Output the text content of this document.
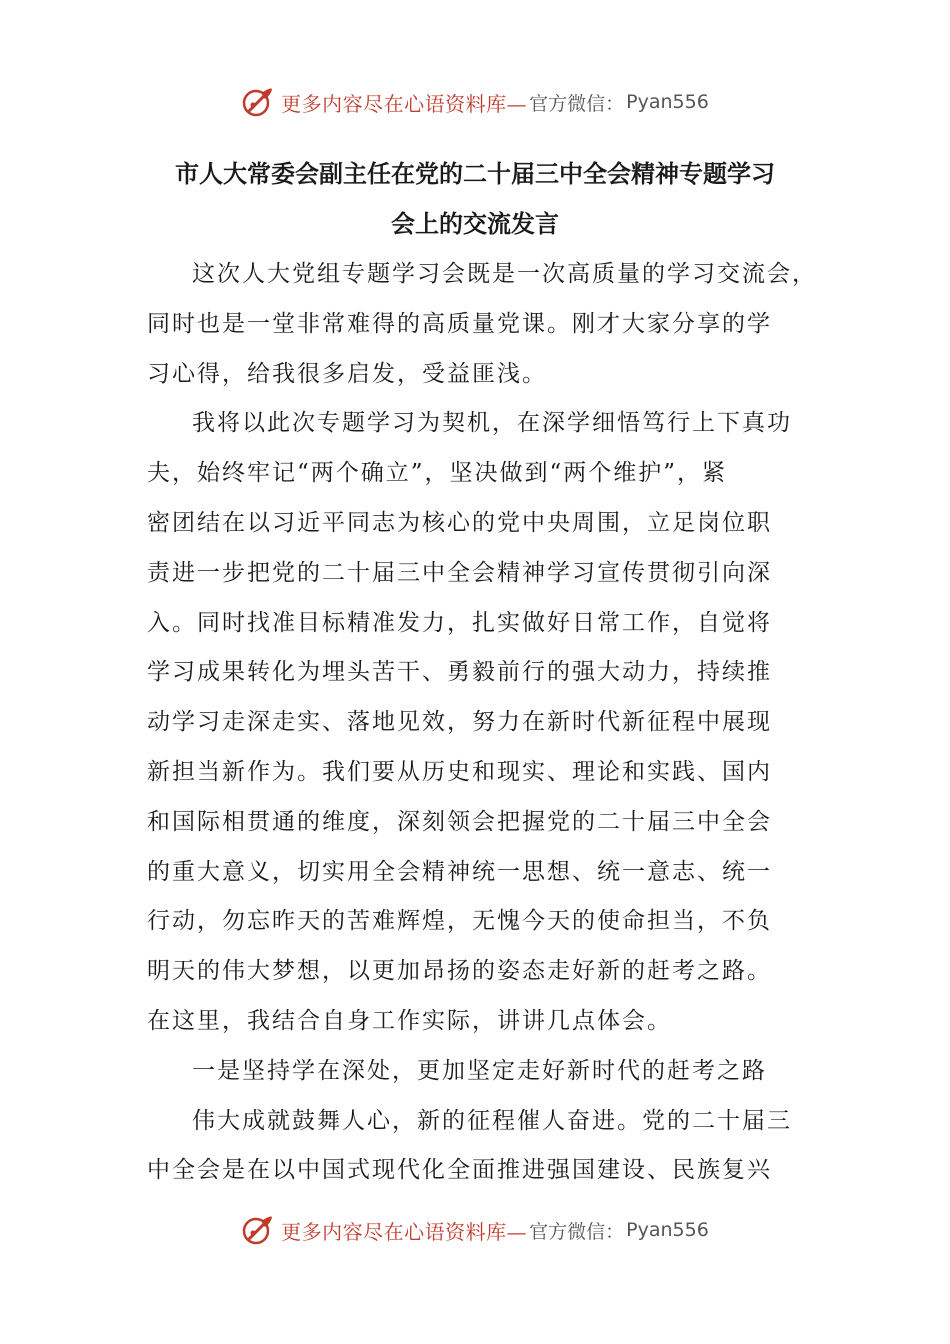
更多内容尽在心语资料库— 官方微信： Pyan556
市人大常委会副主任在党的二十届三中全会精神专题学习
会上的交流发言
这次人大党组专题学习会既是一次高质量的学习交流会，
同时也是一堂非常难得的高质量党课。刚才大家分享的学
习心得，给我很多启发，受益匪浅。
我将以此次专题学习为契机，在深学细悟笃行上下真功
夫，始终牢记“两个确立”，坚决做到“两个维护”，紧
密团结在以习近平同志为核心的党中央周围，立足岗位职
责进一步把党的二十届三中全会精神学习宣传贯彻引向深
入。同时找准目标精准发力，扎实做好日常工作，自觉将
学习成果转化为埋头苦干、勇毅前行的强大动力，持续推
动学习走深走实、落地见效，努力在新时代新征程中展现
新担当新作为。我们要从历史和现实、理论和实践、国内
和国际相贯通的维度，深刻领会把握党的二十届三中全会
的重大意义，切实用全会精神统一思想、统一意志、统一
行动，勿忘昨天的苦难辉煌，无愧今天的使命担当，不负
明天的伟大梦想，以更加昂扬的姿态走好新的赶考之路。
在这里，我结合自身工作实际，讲讲几点体会。
一是坚持学在深处，更加坚定走好新时代的赶考之路
伟大成就鼓舞人心，新的征程催人奋进。党的二十届三
中全会是在以中国式现代化全面推进强国建设、民族复兴
更多内容尽在心语资料库— 官方微信： Pyan556
